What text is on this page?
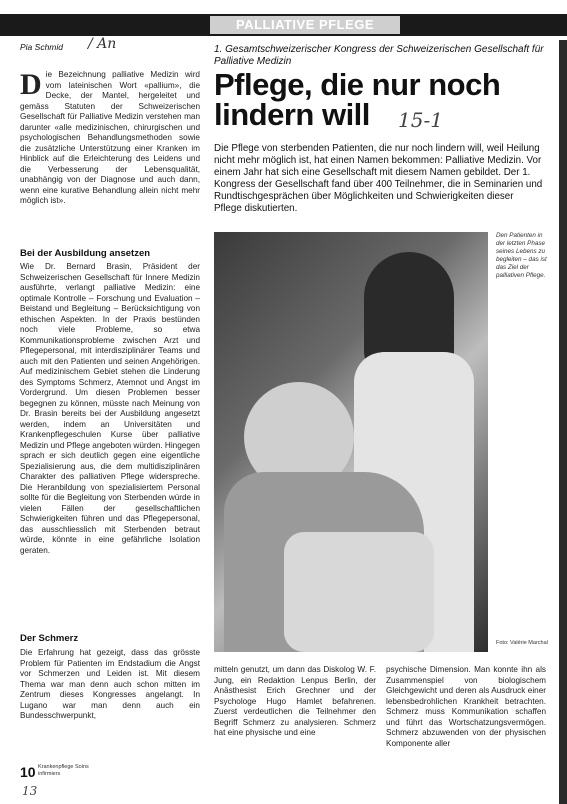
PALLIATIVE PFLEGE
Pia Schmid / An	1. Gesamtschweizerischer Kongress der Schweizerischen Gesellschaft für Palliative Medizin
Pflege, die nur noch lindern will	15-1
Die Pflege von sterbenden Patienten, die nur noch lindern will, weil Heilung nicht mehr möglich ist, hat einen Namen bekommen: Palliative Medizin. Vor einem Jahr hat sich eine Gesellschaft mit diesem Namen gebildet. Der 1. Kongress der Gesellschaft fand über 400 Teilnehmer, die in Seminarien und Rundtischgesprächen über Möglichkeiten und Schwierigkeiten dieser Pflege diskutierten.
Die Bezeichnung palliative Medizin wird vom lateinischen Wort «pallium», die Decke, der Mantel, hergeleitet und gemäss Statuten der Schweizerischen Gesellschaft für Palliative Medizin verstehen man darunter «alle medizinischen, chirurgischen und psychologischen Behandlungsmethoden sowie die zusätzliche Unterstützung einer Kranken im Hinblick auf die Erleichterung des Leidens und die Verbesserung der Lebensqualität, unabhängig von der Diagnose und auch dann, wenn eine kurative Behandlung allein nicht mehr möglich ist».
Bei der Ausbildung ansetzen
Wie Dr. Bernard Brasin, Präsident der Schweizerischen Gesellschaft für Innere Medizin ausführte, verlangt palliative Medizin: eine optimale Kontrolle – Forschung und Evaluation – Beistand und Begleitung – Berücksichtigung von ethischen Aspekten. In der Praxis bestünden noch viele Probleme, so etwa Kommunikationsprobleme zwischen Arzt und Pflegepersonal, mit interdisziplinärer Teams und auch mit den Patienten und seinen Angehörigen. Auf medizinischem Gebiet stehen die Linderung des Symptoms Schmerz, Atemnot und Angst im Vordergrund. Um diesen Problemen besser begegnen zu können, müsste nach Meinung von Dr. Brasin bereits bei der Ausbildung angesetzt werden, indem an Universitäten und Krankenpflegeschulen Kurse über palliative Medizin und Pflege angeboten würden. Hingegen sprach er sich deutlich gegen eine eigentliche Spezialisierung aus, die dem multidisziplinären Charakter des palliativen Pflege widerspreche. Die Heranbildung von spezialisiertem Personal sollte für die Begleitung von Sterbenden würde in vielen Fällen der gesellschaftlichen Schwierigkeiten führen und das Pflegepersonal, das ausschliesslich mit Sterbenden betraut würde, könnte in eine gefährliche Isolation geraten.
Der Schmerz
Die Erfahrung hat gezeigt, dass das grösste Problem für Patienten im Endstadium die Angst vor Schmerzen und Leiden ist. Mit diesem Thema war man denn auch schon mitten im Zentrum dieses Kongresses angelangt. In Lugano war man denn auch ein Bundesschwerpunkt,
Den Patienten in der letzten Phase seines Lebens zu begleiten – das ist das Ziel der palliativen Pflege.
Foto: Valérie Marchal
mitteln genutzt, um dann das Diskolog W. F. Jung, ein Redaktion Lenpus Berlin, der Anästhesist Erich Grechner und der Psychologe Hugo Hamlet befahrenen. Zuerst verdeutlichen die Teilnehmer den Begriff Schmerz zu analysieren. Schmerz hat eine physische und eine
psychische Dimension. Man konnte ihn als Zusammenspiel von biologischem Gleichgewicht und deren als Ausdruck einer lebensbedrohlichen Krankheit betrachten. Schmerz muss Kommunikation schaffen und führt das Wortschatzungsvermögen. Schmerz abzuwenden von der physischen Komponente aller
10 Krankenpflege Soins infirmiers
13
